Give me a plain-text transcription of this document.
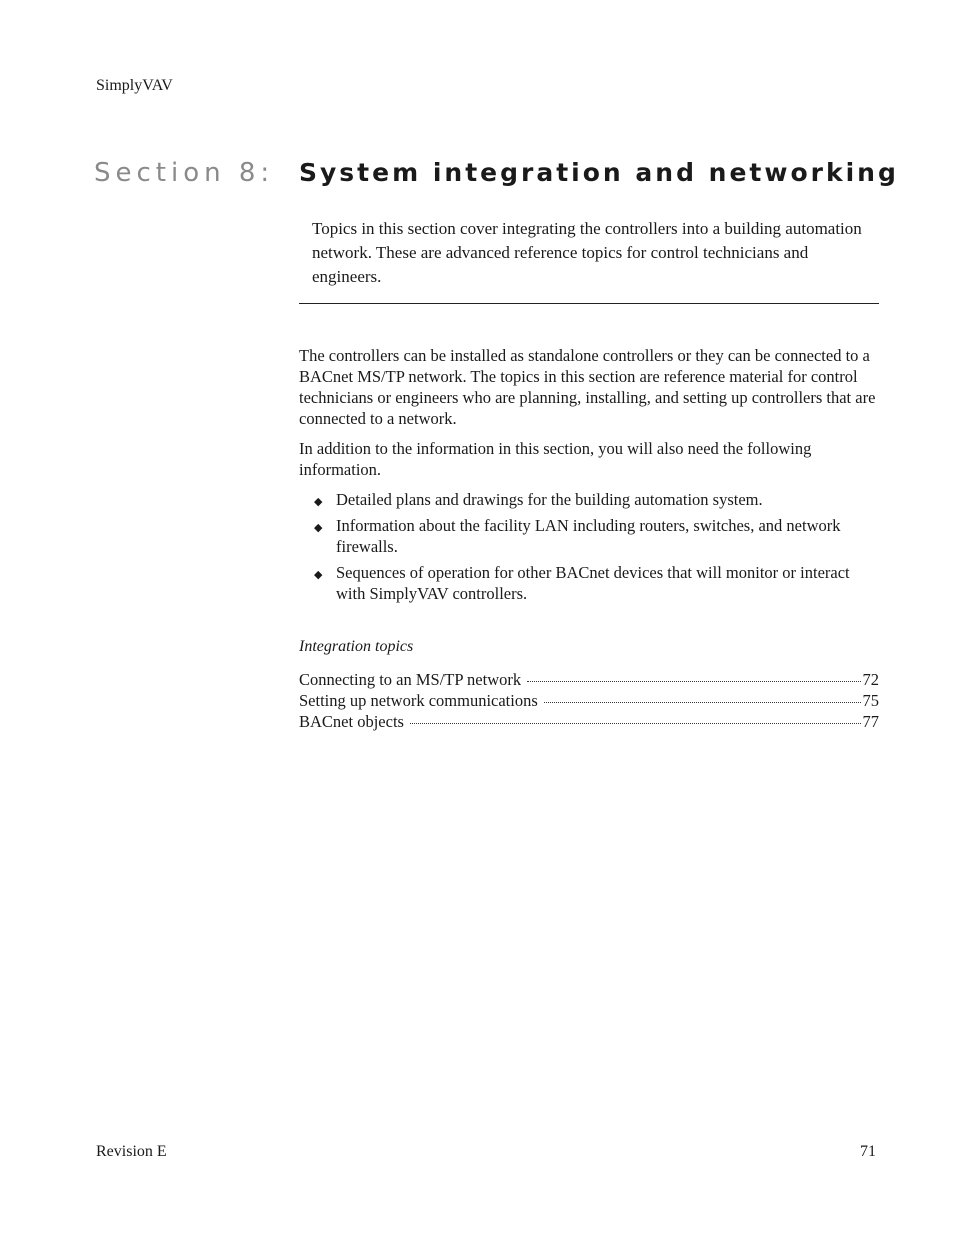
SimplyVAV
Section 8: System integration and networking
Topics in this section cover integrating the controllers into a building automation network. These are advanced reference topics for control technicians and engineers.

The controllers can be installed as standalone controllers or they can be connected to a BACnet MS/TP network. The topics in this section are reference material for control technicians or engineers who are planning, installing, and setting up controllers that are connected to a network.

In addition to the information in this section, you will also need the following information.

◆ Detailed plans and drawings for the building automation system.
◆ Information about the facility LAN including routers, switches, and network firewalls.
◆ Sequences of operation for other BACnet devices that will monitor or interact with SimplyVAV controllers.
Integration topics
Connecting to an MS/TP network	72
Setting up network communications	75
BACnet objects	77
Revision E	71
